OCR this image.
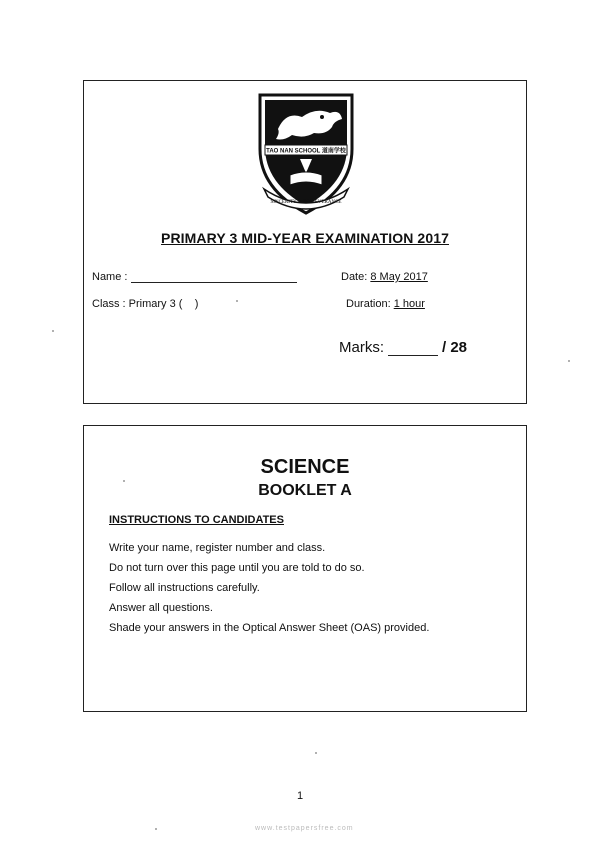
TAO NAN SCHOOL 道南学校
SINCERITY & PERSEVERANCE
PRIMARY 3 MID-YEAR EXAMINATION 2017
Name :	Date: 8 May 2017
Class : Primary 3 ( )	Duration: 1 hour
Marks:	/ 28
SCIENCE
BOOKLET A
INSTRUCTIONS TO CANDIDATES
Write your name, register number and class.
Do not turn over this page until you are told to do so.
Follow all instructions carefully.
Answer all questions.
Shade your answers in the Optical Answer Sheet (OAS) provided.
1
www.testpapersfree.com
